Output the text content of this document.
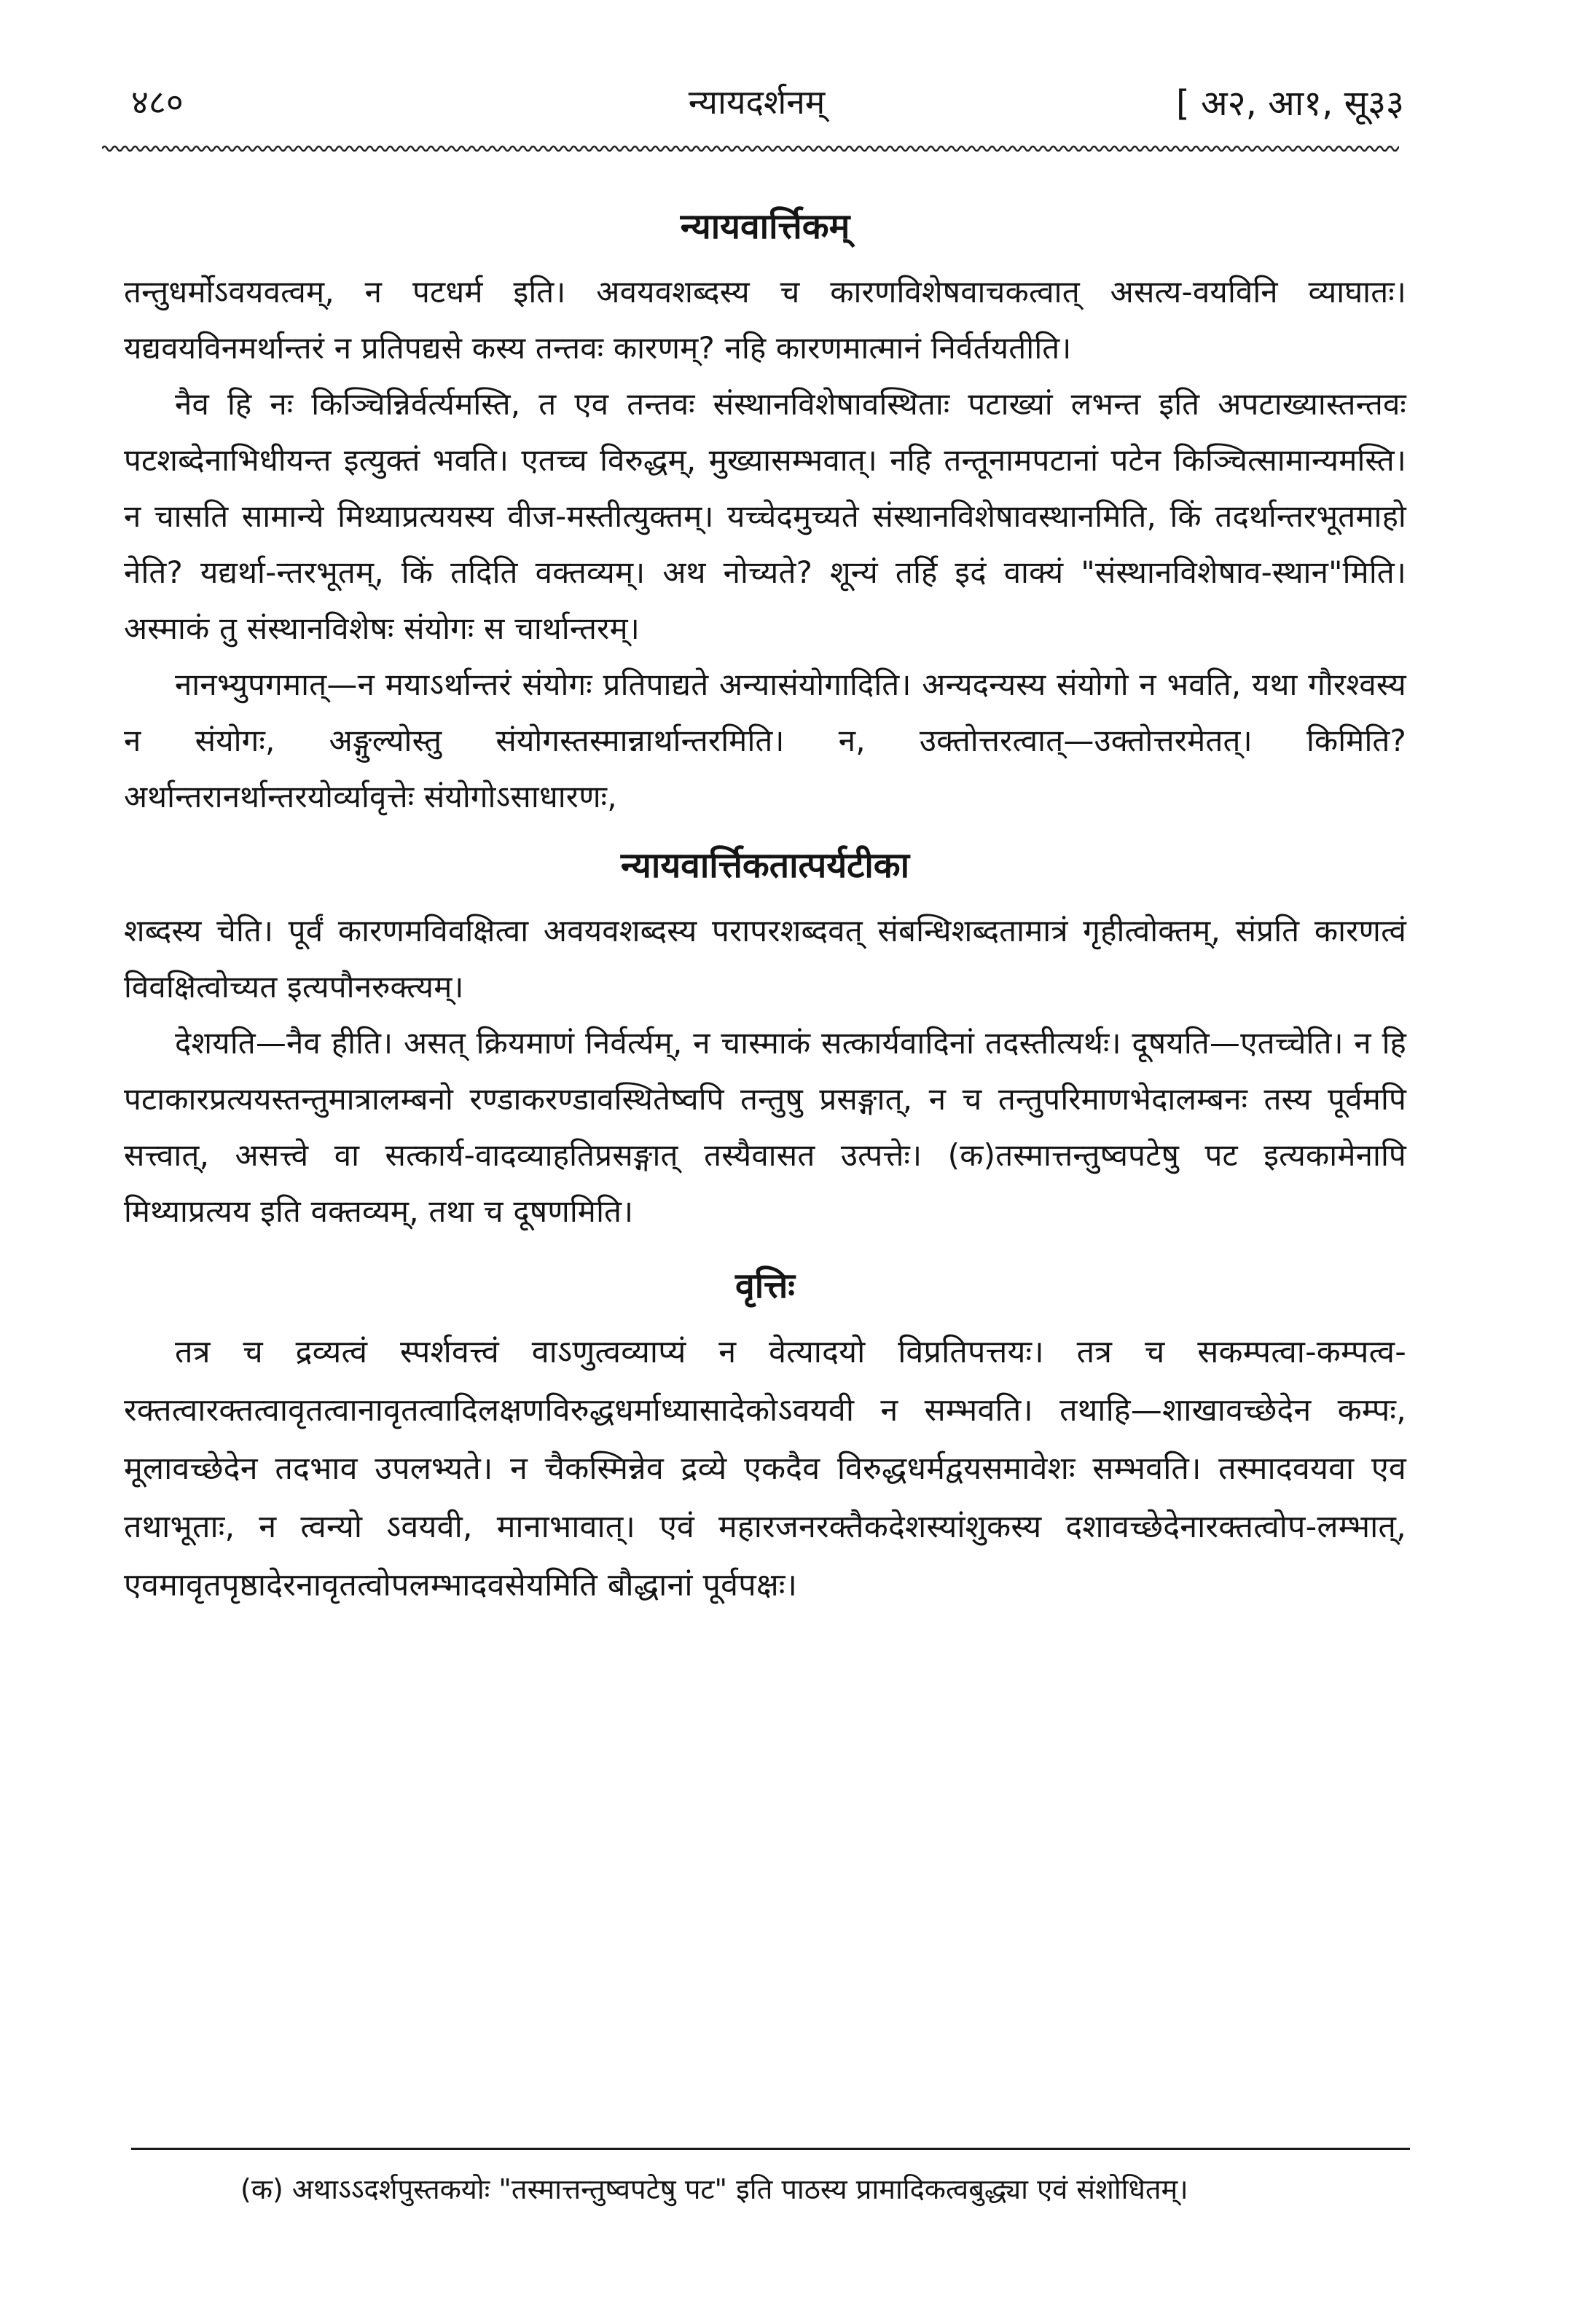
४८०	न्यायदर्शनम्	[ अ२, आ१, सू३३
न्यायवार्त्तिकम्

तन्तुधर्मोऽवयवत्वम्, न पटधर्म इति। अवयवशब्दस्य च कारणविशेषवाचकत्वात् असत्य-वयविनि व्याघातः। यद्यवयविनमर्थान्तरं न प्रतिपद्यसे कस्य तन्तवः कारणम्? नहि कारणमात्मानं निर्वर्तयतीति।

नैव हि नः किञ्चिन्निर्वर्त्यमस्ति, त एव तन्तवः संस्थानविशेषावस्थिताः पटाख्यां लभन्त इति अपटाख्यास्तन्तवः पटशब्देनाभिधीयन्त इत्युक्तं भवति। एतच्च विरुद्धम्, मुख्यासम्भवात्। नहि तन्तूनामपटानां पटेन किञ्चित्सामान्यमस्ति। न चासति सामान्ये मिथ्याप्रत्ययस्य वीज-मस्तीत्युक्तम्। यच्चेदमुच्यते संस्थानविशेषावस्थानमिति, किं तदर्थान्तरभूतमाहो नेति? यद्यर्था-न्तरभूतम्, किं तदिति वक्तव्यम्। अथ नोच्यते? शून्यं तर्हि इदं वाक्यं "संस्थानविशेषाव-स्थान"मिति। अस्माकं तु संस्थानविशेषः संयोगः स चार्थान्तरम्।

नानभ्युपगमात्—न मयाऽर्थान्तरं संयोगः प्रतिपाद्यते अन्यासंयोगादिति। अन्यदन्यस्य संयोगो न भवति, यथा गौरश्वस्य न संयोगः, अङ्गुल्योस्तु संयोगस्तस्मान्नार्थान्तरमिति। न, उक्तोत्तरत्वात्—उक्तोत्तरमेतत्। किमिति? अर्थान्तरानर्थान्तरयोर्व्यावृत्तेः संयोगोऽसाधारणः,

न्यायवार्त्तिकतात्पर्यटीका

शब्दस्य चेति। पूर्वं कारणमविवक्षित्वा अवयवशब्दस्य परापरशब्दवत् संबन्धिशब्दतामात्रं गृहीत्वोक्तम्, संप्रति कारणत्वं विवक्षित्वोच्यत इत्यपौनरुक्त्यम्।

देशयति—नैव हीति। असत् क्रियमाणं निर्वर्त्यम्, न चास्माकं सत्कार्यवादिनां तदस्तीत्यर्थः। दूषयति—एतच्चेति। न हि पटाकारप्रत्ययस्तन्तुमात्रालम्बनो रण्डाकरण्डावस्थितेष्वपि तन्तुषु प्रसङ्गात्, न च तन्तुपरिमाणभेदालम्बनः तस्य पूर्वमपि सत्त्वात्, असत्त्वे वा सत्कार्य-वादव्याहतिप्रसङ्गात् तस्यैवासत उत्पत्तेः। (क)तस्मात्तन्तुष्वपटेषु पट इत्यकामेनापि मिथ्याप्रत्यय इति वक्तव्यम्, तथा च दूषणमिति।

वृत्तिः

तत्र च द्रव्यत्वं स्पर्शवत्त्वं वाऽणुत्वव्याप्यं न वेत्यादयो विप्रतिपत्तयः। तत्र च सकम्पत्वा-कम्पत्व-रक्तत्वारक्तत्वावृतत्वानावृतत्वादिलक्षणविरुद्धधर्माध्यासादेकोऽवयवी न सम्भवति। तथाहि—शाखावच्छेदेन कम्पः, मूलावच्छेदेन तदभाव उपलभ्यते। न चैकस्मिन्नेव द्रव्ये एकदैव विरुद्धधर्मद्वयसमावेशः सम्भवति। तस्मादवयवा एव तथाभूताः, न त्वन्यो ऽवयवी, मानाभावात्। एवं महारजनरक्तैकदेशस्यांशुकस्य दशावच्छेदेनारक्तत्वोप-लम्भात्, एवमावृतपृष्ठादेरनावृतत्वोपलम्भादवसेयमिति बौद्धानां पूर्वपक्षः।

(क) अथाऽऽदर्शपुस्तकयोः "तस्मात्तन्तुष्वपटेषु पट" इति पाठस्य प्रामादिकत्वबुद्ध्या एवं संशोधितम्।
